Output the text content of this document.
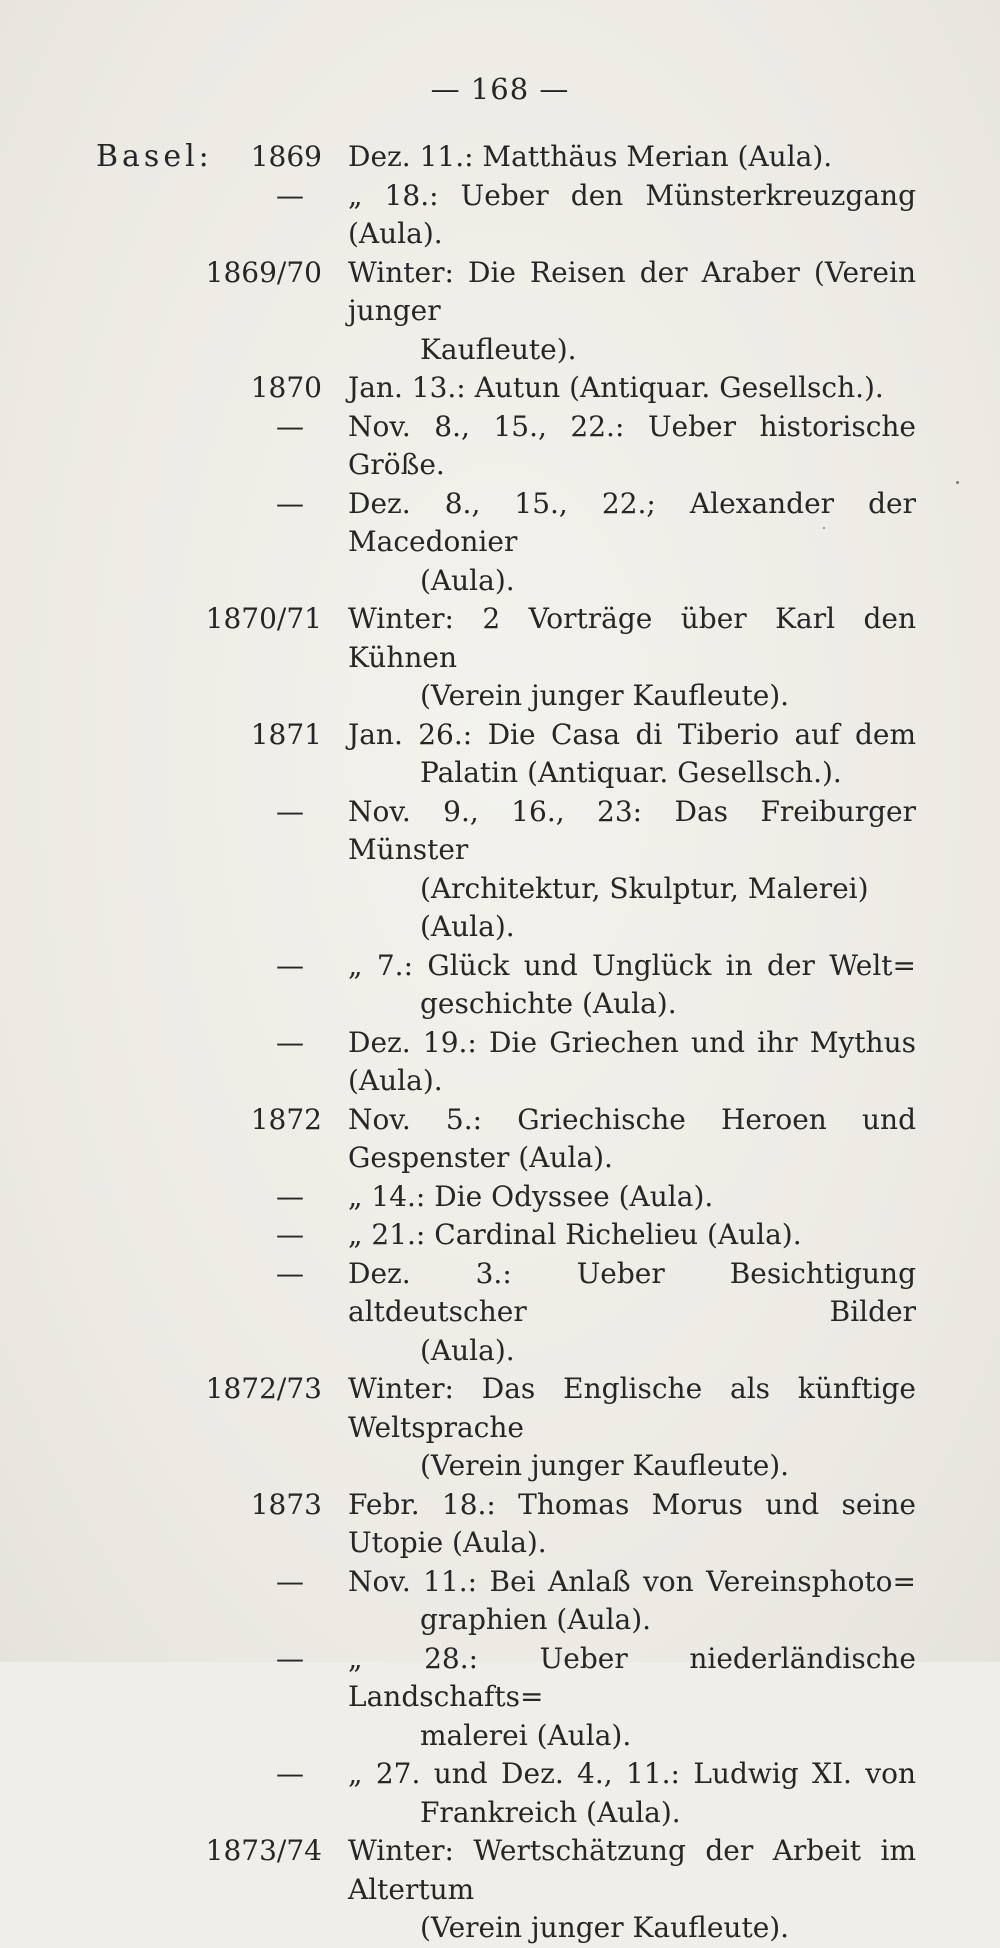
— 168 —
Basel:	1869 Dez. 11.: Matthäus Merian (Aula).
—	„ 18.: Ueber den Münsterkreuzgang (Aula).
1869/70 Winter: Die Reisen der Araber (Verein junger
Kaufleute).
1870 Jan. 13.: Autun (Antiquar. Gesellsch.).
—	Nov. 8., 15., 22.: Ueber historische Größe.
—	Dez. 8., 15., 22.; Alexander der Macedonier
(Aula).
1870/71 Winter: 2 Vorträge über Karl den Kühnen
(Verein junger Kaufleute).
1871 Jan. 26.: Die Casa di Tiberio auf dem
Palatin (Antiquar. Gesellsch.).
—	Nov. 9., 16., 23: Das Freiburger Münster
(Architektur, Skulptur, Malerei) (Aula).
—	„ 7.: Glück und Unglück in der Welt=
geschichte (Aula).
—	Dez. 19.: Die Griechen und ihr Mythus (Aula).
1872 Nov. 5.: Griechische Heroen und Gespenster (Aula).
—	„ 14.: Die Odyssee (Aula).
—	„ 21.: Cardinal Richelieu (Aula).
—	Dez. 3.: Ueber Besichtigung altdeutscher Bilder
(Aula).
1872/73 Winter: Das Englische als künftige Weltsprache
(Verein junger Kaufleute).
1873 Febr. 18.: Thomas Morus und seine Utopie (Aula).
—	Nov. 11.: Bei Anlaß von Vereinsphoto=
graphien (Aula).
—	„ 28.: Ueber niederländische Landschafts=
malerei (Aula).
—	„ 27. und Dez. 4., 11.: Ludwig XI. von
Frankreich (Aula).
1873/74 Winter: Wertschätzung der Arbeit im Altertum
(Verein junger Kaufleute).
